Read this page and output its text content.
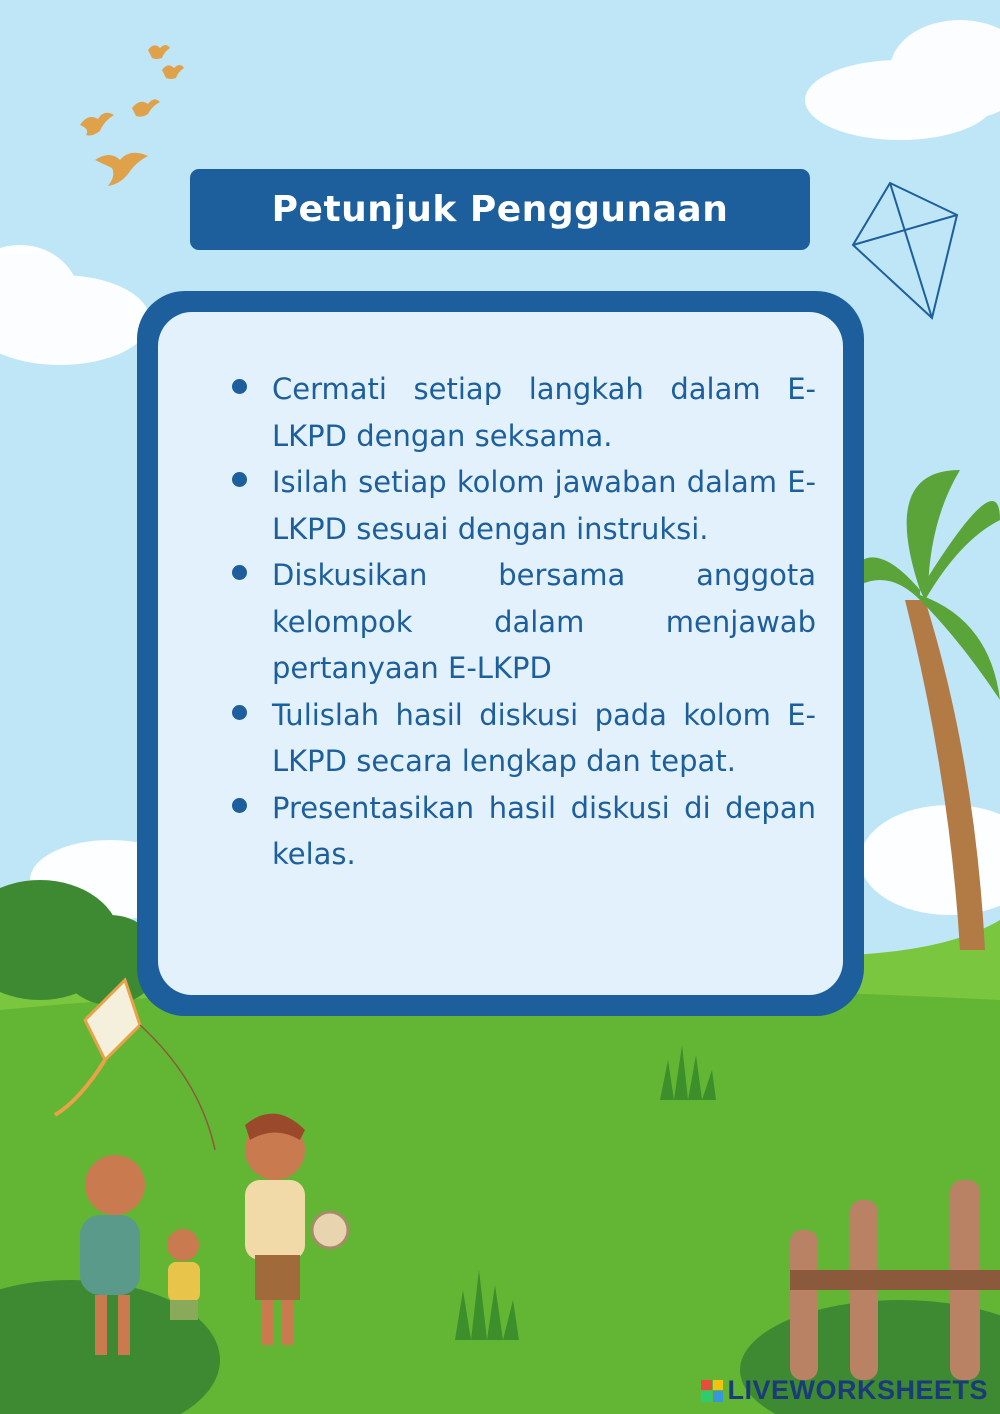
Petunjuk Penggunaan
Cermati setiap langkah dalam E-LKPD dengan seksama.
Isilah setiap kolom jawaban dalam E-LKPD sesuai dengan instruksi.
Diskusikan bersama anggota kelompok dalam menjawab pertanyaan E-LKPD
Tulislah hasil diskusi pada kolom E-LKPD secara lengkap dan tepat.
Presentasikan hasil diskusi di depan kelas.
LIVEWORKSHEETS
